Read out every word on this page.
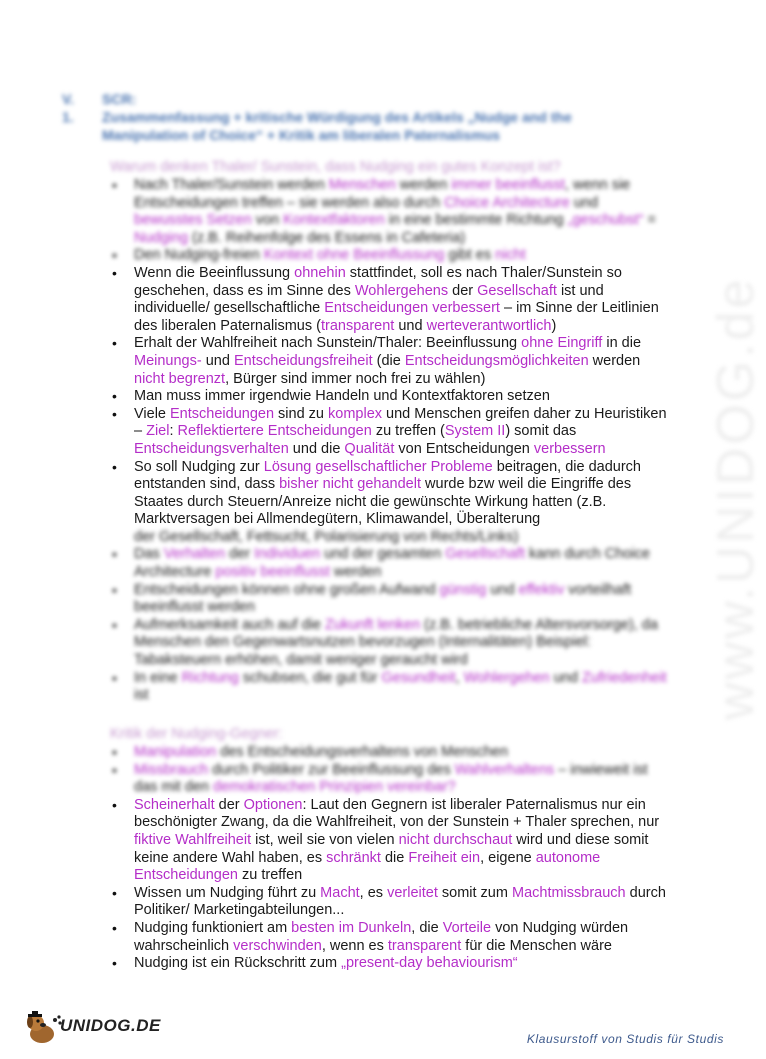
www.UNIDOG.de
V. SCR:
1. Zusammenfassung + kritische Würdigung des Artikels „Nudge and the
Manipulation of Choice“ + Kritik am liberalen Paternalismus
Warum denken Thaler/ Sunstein, dass Nudging ein gutes Konzept ist?
• Nach Thaler/Sunstein werden Menschen werden immer beeinflusst, wenn sie Entscheidungen treffen – sie werden also durch Choice Architecture und bewusstes Setzen von Kontextfaktoren in eine bestimmte Richtung „geschubst“ = Nudging (z.B. Reihenfolge des Essens in Cafeteria)
• Den Nudging-freien Kontext ohne Beeinflussung gibt es nicht
• Wenn die Beeinflussung ohnehin stattfindet, soll es nach Thaler/Sunstein so geschehen, dass es im Sinne des Wohlergehens der Gesellschaft ist und individuelle/ gesellschaftliche Entscheidungen verbessert – im Sinne der Leitlinien des liberalen Paternalismus (transparent und werteverantwortlich)
• Erhalt der Wahlfreiheit nach Sunstein/Thaler: Beeinflussung ohne Eingriff in die Meinungs- und Entscheidungsfreiheit (die Entscheidungsmöglichkeiten werden nicht begrenzt, Bürger sind immer noch frei zu wählen)
• Man muss immer irgendwie Handeln und Kontextfaktoren setzen
• Viele Entscheidungen sind zu komplex und Menschen greifen daher zu Heuristiken – Ziel: Reflektiertere Entscheidungen zu treffen (System II) somit das Entscheidungsverhalten und die Qualität von Entscheidungen verbessern
• So soll Nudging zur Lösung gesellschaftlicher Probleme beitragen, die dadurch entstanden sind, dass bisher nicht gehandelt wurde bzw weil die Eingriffe des Staates durch Steuern/Anreize nicht die gewünschte Wirkung hatten (z.B. Marktversagen bei Allmendegütern, Klimawandel, Überalterung
der Gesellschaft, Fettsucht, Polarisierung von Rechts/Links)
• Das Verhalten der Individuen und der gesamten Gesellschaft kann durch Choice Architecture positiv beeinflusst werden
• Entscheidungen können ohne großen Aufwand günstig und effektiv vorteilhaft beeinflusst werden
• Aufmerksamkeit auch auf die Zukunft lenken (z.B. betriebliche Altersvorsorge), da Menschen den Gegenwartsnutzen bevorzugen (Internalitäten) Beispiel: Tabaksteuern erhöhen, damit weniger geraucht wird
• In eine Richtung schubsen, die gut für Gesundheit, Wohlergehen und Zufriedenheit ist
Kritik der Nudging-Gegner:
• Manipulation des Entscheidungsverhaltens von Menschen
• Missbrauch durch Politiker zur Beeinflussung des Wahlverhaltens – inwieweit ist das mit den demokratischen Prinzipien vereinbar?
• Scheinerhalt der Optionen: Laut den Gegnern ist liberaler Paternalismus nur ein beschönigter Zwang, da die Wahlfreiheit, von der Sunstein + Thaler sprechen, nur fiktive Wahlfreiheit ist, weil sie von vielen nicht durchschaut wird und diese somit keine andere Wahl haben, es schränkt die Freiheit ein, eigene autonome Entscheidungen zu treffen
• Wissen um Nudging führt zu Macht, es verleitet somit zum Machtmissbrauch durch Politiker/ Marketingabteilungen...
• Nudging funktioniert am besten im Dunkeln, die Vorteile von Nudging würden wahrscheinlich verschwinden, wenn es transparent für die Menschen wäre
• Nudging ist ein Rückschritt zum „present-day behaviourism“
UNIDOG.DE
Klausurstoff von Studis für Studis
